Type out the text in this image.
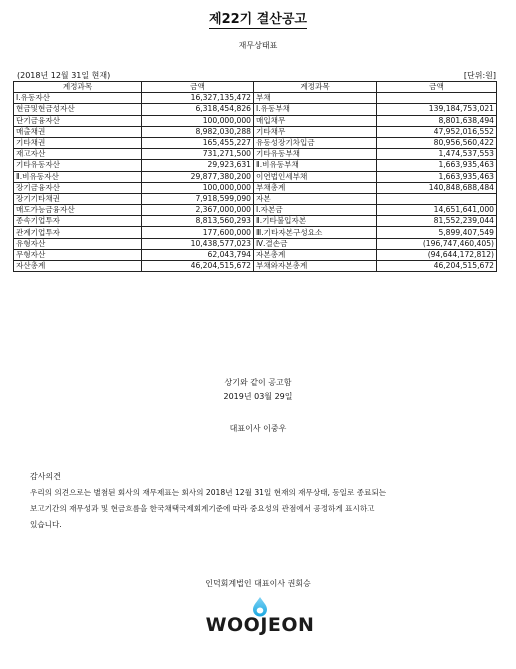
제22기 결산공고
재무상태표
(2018년 12월 31일 현재)	[단위:원]
계정과목	금액	계정과목	금액
Ⅰ.유동자산	16,327,135,472	부채	
현금및현금성자산	6,318,454,826	Ⅰ.유동부채	139,184,753,021
단기금융자산	100,000,000	매입채무	8,801,638,494
매출채권	8,982,030,288	기타채무	47,952,016,552
기타채권	165,455,227	유동성장기차입금	80,956,560,422
재고자산	731,271,500	기타유동부채	1,474,537,553
기타유동자산	29,923,631	Ⅱ.비유동부채	1,663,935,463
Ⅱ.비유동자산	29,877,380,200	이연법인세부채	1,663,935,463
장기금융자산	100,000,000	부채총계	140,848,688,484
장기기타채권	7,918,599,090	자본	
매도가능금융자산	2,367,000,000	Ⅰ.자본금	14,651,641,000
종속기업투자	8,813,560,293	Ⅱ.기타불입자본	81,552,239,044
관계기업투자	177,600,000	Ⅲ.기타자본구성요소	5,899,407,549
유형자산	10,438,577,023	Ⅳ.결손금	(196,747,460,405)
무형자산	62,043,794	자본총계	(94,644,172,812)
자산총계	46,204,515,672	부채와자본총계	46,204,515,672
상기와 같이 공고함
2019년 03월 29일
대표이사 이중우
감사의견
우리의 의견으로는 별첨된 회사의 재무제표는 회사의 2018년 12월 31일 현재의 재무상태, 동일로 종료되는
보고기간의 재무성과 및 현금흐름을 한국채택국제회계기준에 따라 중요성의 관점에서 공정하게 표시하고
있습니다.
인덕회계법인 대표이사 권회승
WOOJEON
